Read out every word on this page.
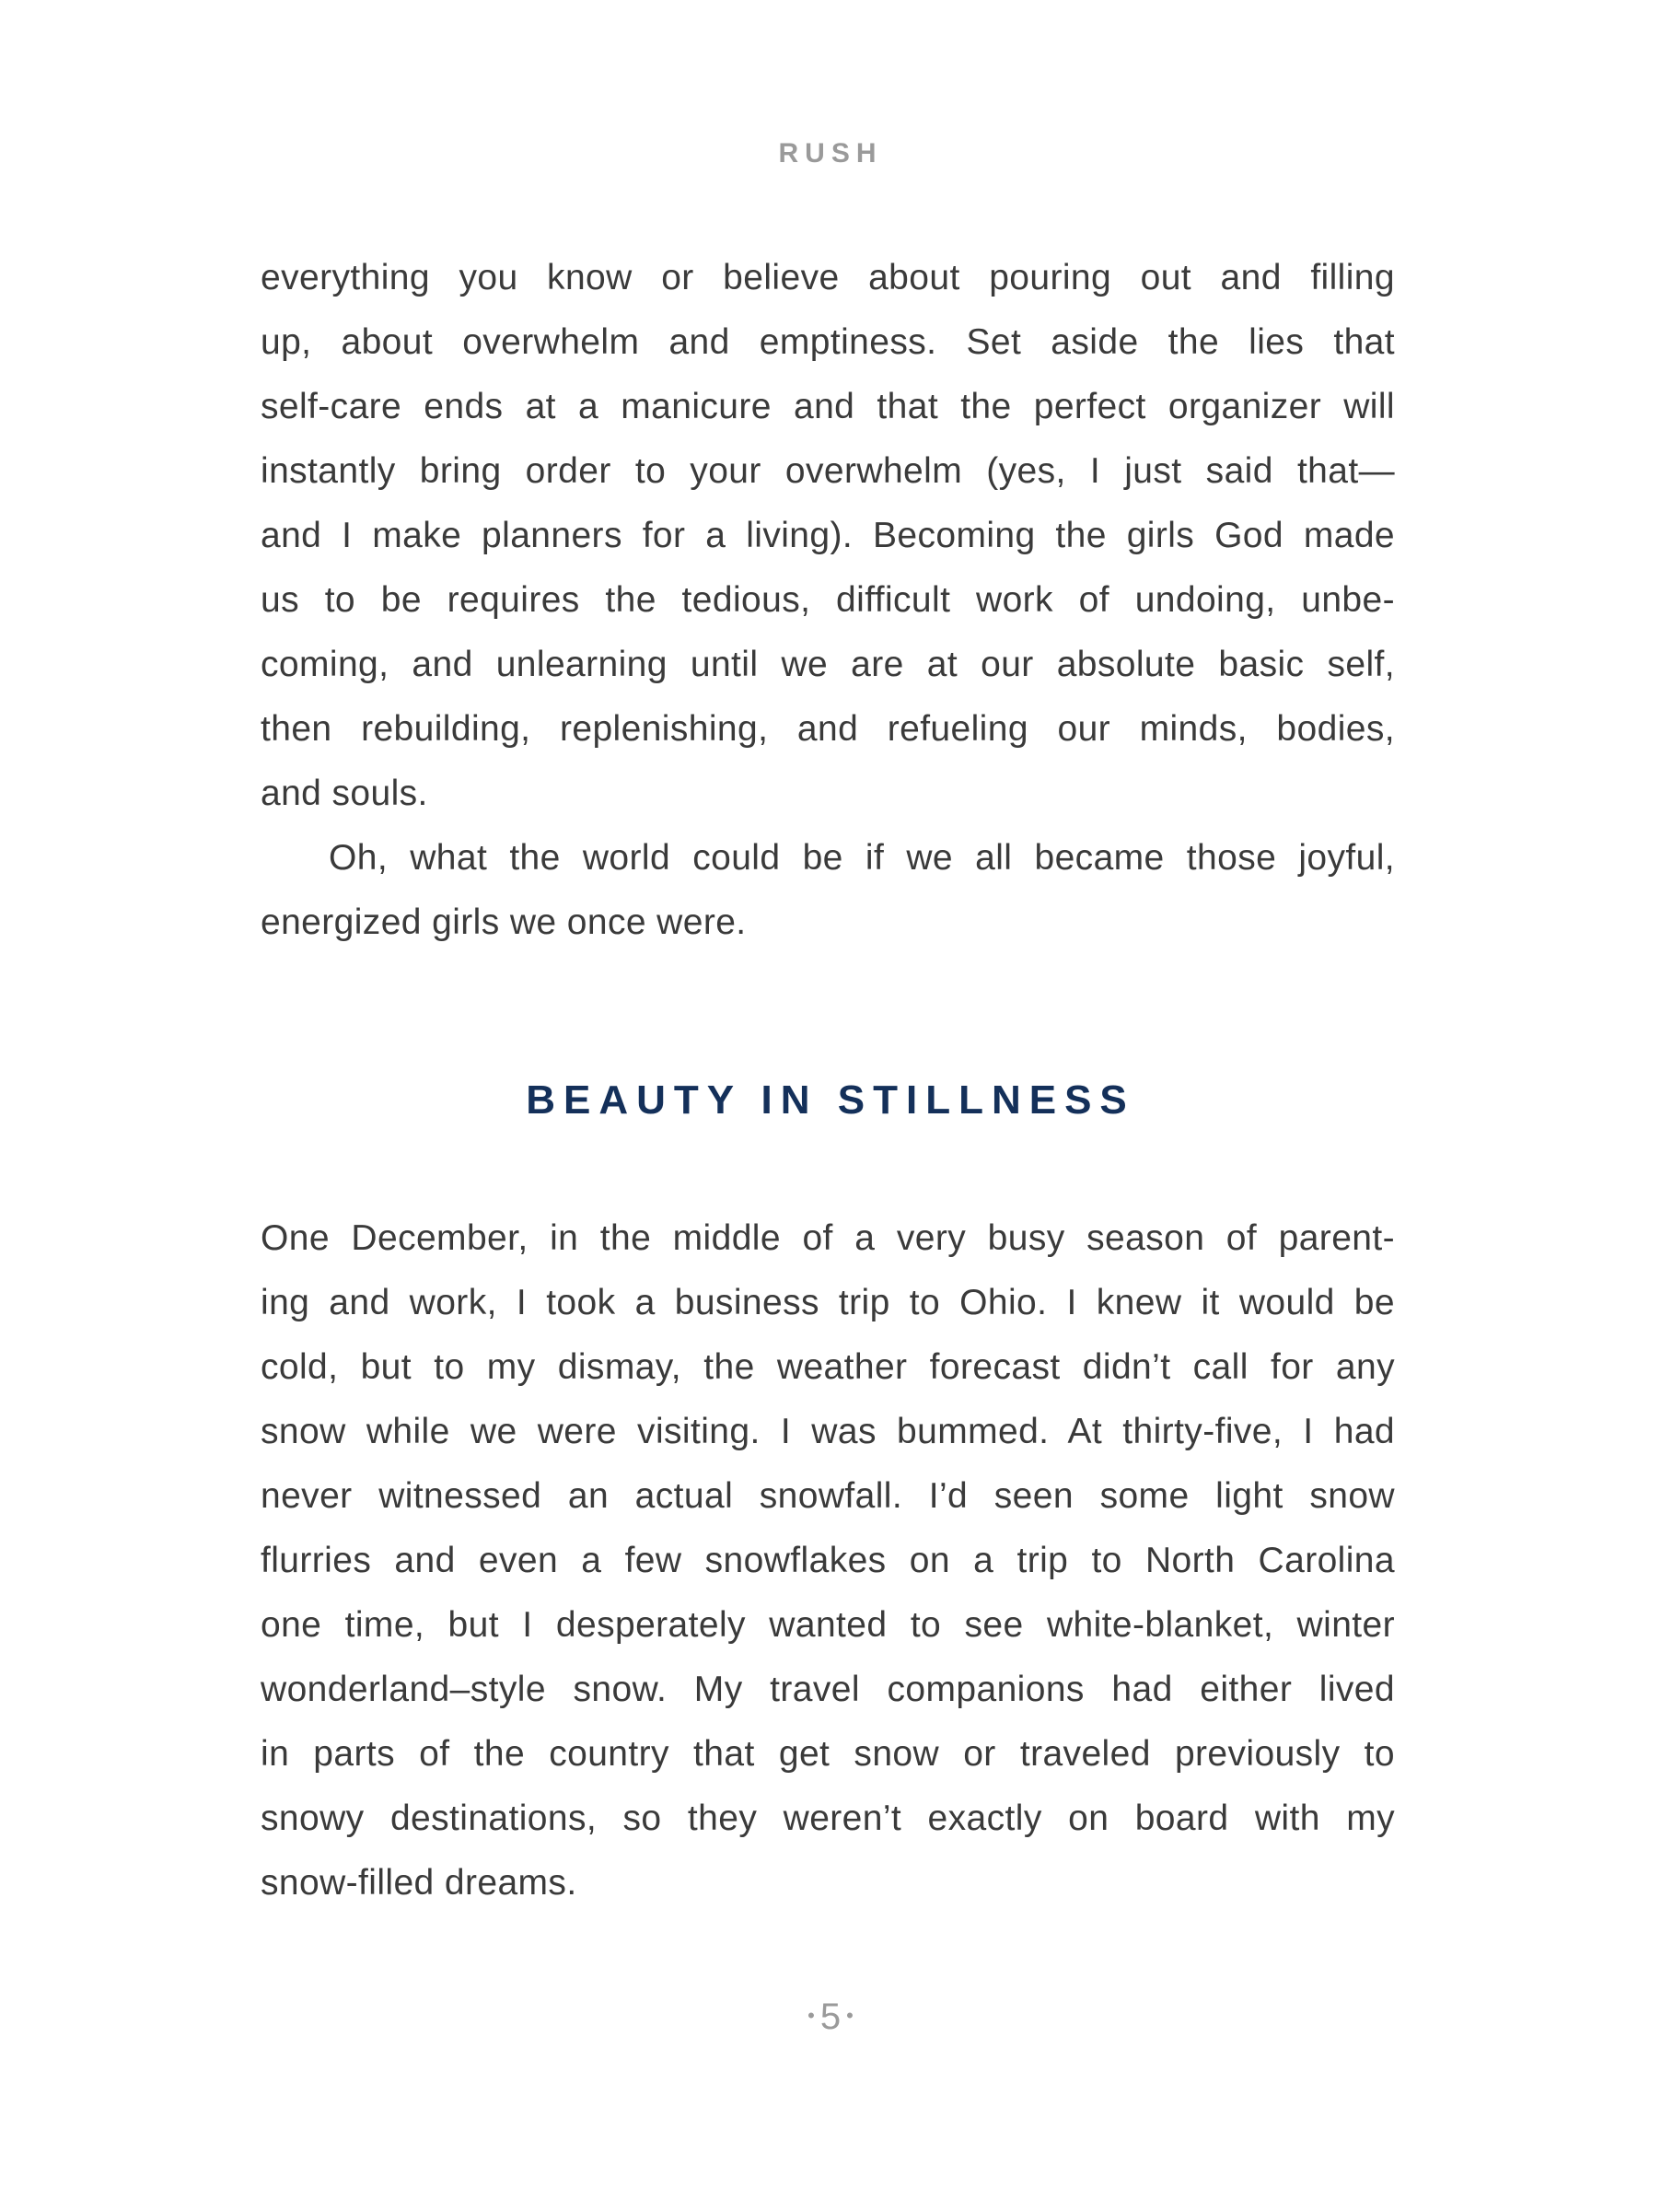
RUSH
everything you know or believe about pouring out and filling
up, about overwhelm and emptiness. Set aside the lies that
self-care ends at a manicure and that the perfect organizer will
instantly bring order to your overwhelm (yes, I just said that—
and I make planners for a living). Becoming the girls God made
us to be requires the tedious, difficult work of undoing, unbe-
coming, and unlearning until we are at our absolute basic self,
then rebuilding, replenishing, and refueling our minds, bodies,
and souls.
Oh, what the world could be if we all became those joyful,
energized girls we once were.
BEAUTY IN STILLNESS
One December, in the middle of a very busy season of parent-
ing and work, I took a business trip to Ohio. I knew it would be
cold, but to my dismay, the weather forecast didn’t call for any
snow while we were visiting. I was bummed. At thirty-five, I had
never witnessed an actual snowfall. I’d seen some light snow
flurries and even a few snowflakes on a trip to North Carolina
one time, but I desperately wanted to see white-blanket, winter
wonderland–style snow. My travel companions had either lived
in parts of the country that get snow or traveled previously to
snowy destinations, so they weren’t exactly on board with my
snow-filled dreams.
• 5 •
